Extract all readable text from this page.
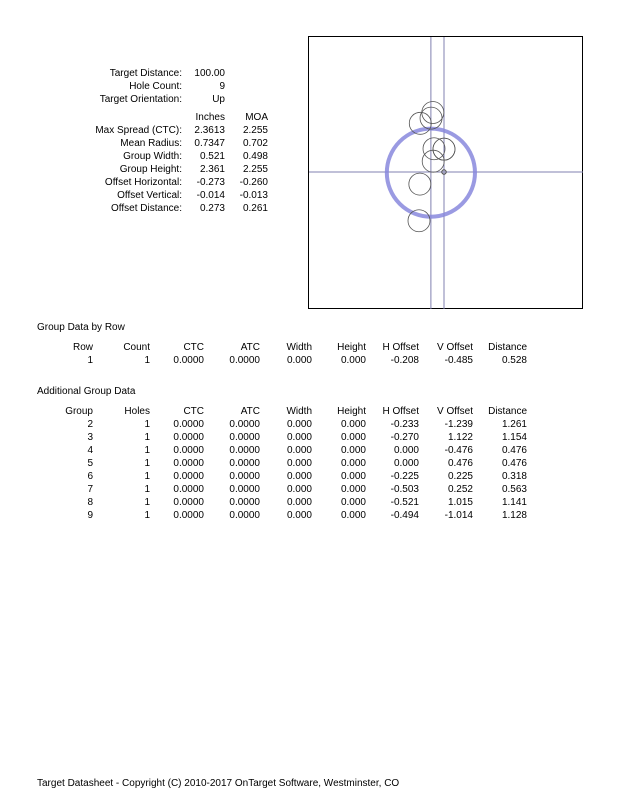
Target Distance: 100.00
Hole Count:	9
Target Orientation:	Up
Inches MOA
Max Spread (CTC): 2.3613 2.255
Mean Radius: 0.7347 0.702
Group Width: 0.521 0.498
Group Height: 2.361 2.255
Offset Horizontal: -0.273 -0.260
Offset Vertical: -0.014 -0.013
Offset Distance: 0.273 0.261
Group Data by Row
Row	Count	CTC	ATC	Width	Height	H Offset	V Offset	Distance
1	1	0.0000	0.0000	0.000	0.000	-0.208	-0.485	0.528
Additional Group Data
Group	Holes	CTC	ATC	Width	Height	H Offset	V Offset	Distance
2	1	0.0000	0.0000	0.000	0.000	-0.233	-1.239	1.261
3	1	0.0000	0.0000	0.000	0.000	-0.270	1.122	1.154
4	1	0.0000	0.0000	0.000	0.000	0.000	-0.476	0.476
5	1	0.0000	0.0000	0.000	0.000	0.000	0.476	0.476
6	1	0.0000	0.0000	0.000	0.000	-0.225	0.225	0.318
7	1	0.0000	0.0000	0.000	0.000	-0.503	0.252	0.563
8	1	0.0000	0.0000	0.000	0.000	-0.521	1.015	1.141
9	1	0.0000	0.0000	0.000	0.000	-0.494	-1.014	1.128
Target Datasheet - Copyright (C) 2010-2017 OnTarget Software, Westminster, CO
